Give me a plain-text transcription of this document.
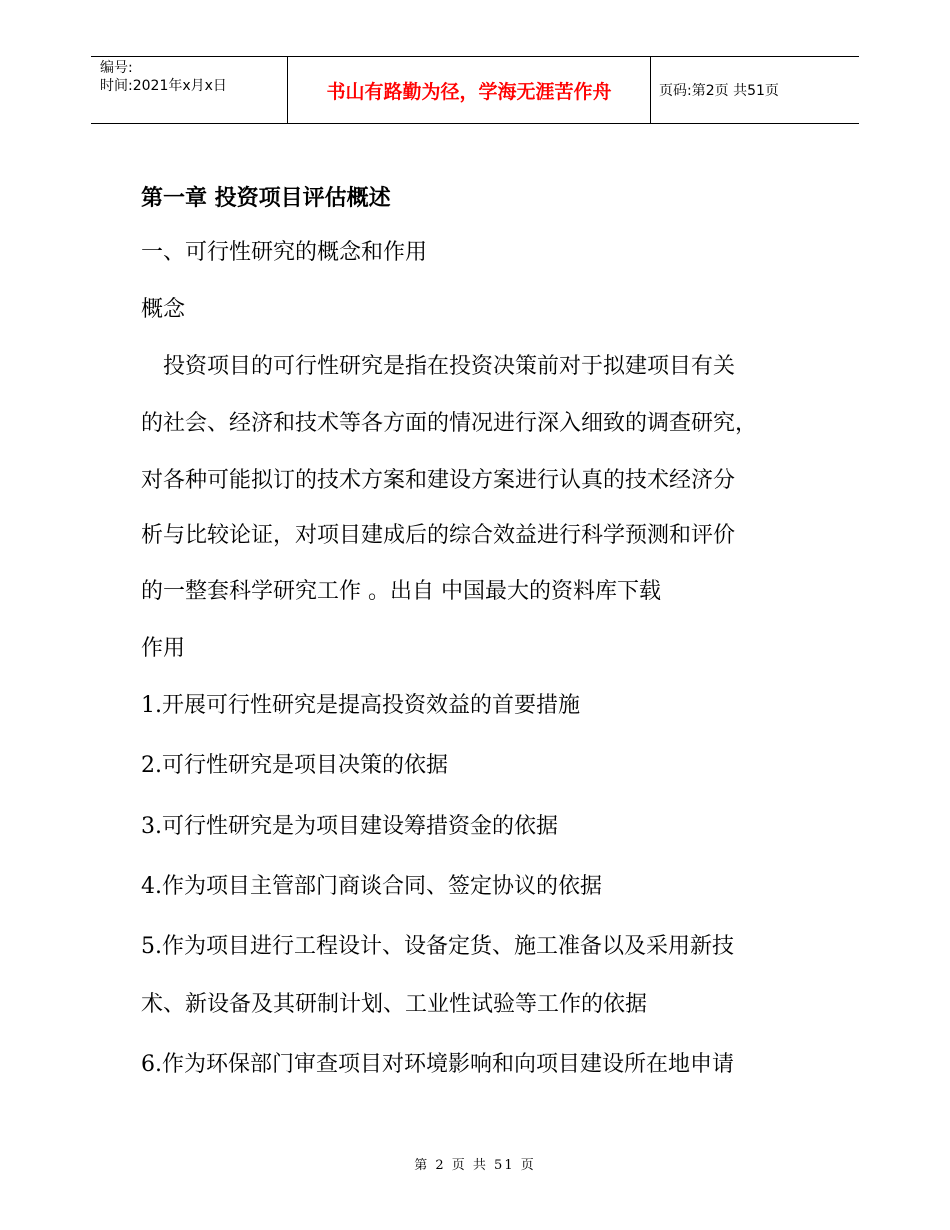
编号:
时间:2021年x月x日	书山有路勤为径，学海无涯苦作舟	页码:第2页 共51页
第一章 投资项目评估概述
一、可行性研究的概念和作用
概念
投资项目的可行性研究是指在投资决策前对于拟建项目有关
的社会、经济和技术等各方面的情况进行深入细致的调查研究，
对各种可能拟订的技术方案和建设方案进行认真的技术经济分
析与比较论证，对项目建成后的综合效益进行科学预测和评价
的一整套科学研究工作 。出自 中国最大的资料库下载
作用
1.开展可行性研究是提高投资效益的首要措施
2.可行性研究是项目决策的依据
3.可行性研究是为项目建设筹措资金的依据
4.作为项目主管部门商谈合同、签定协议的依据
5.作为项目进行工程设计、设备定货、施工准备以及采用新技
术、新设备及其研制计划、工业性试验等工作的依据
6.作为环保部门审查项目对环境影响和向项目建设所在地申请
第 2 页 共 51 页
